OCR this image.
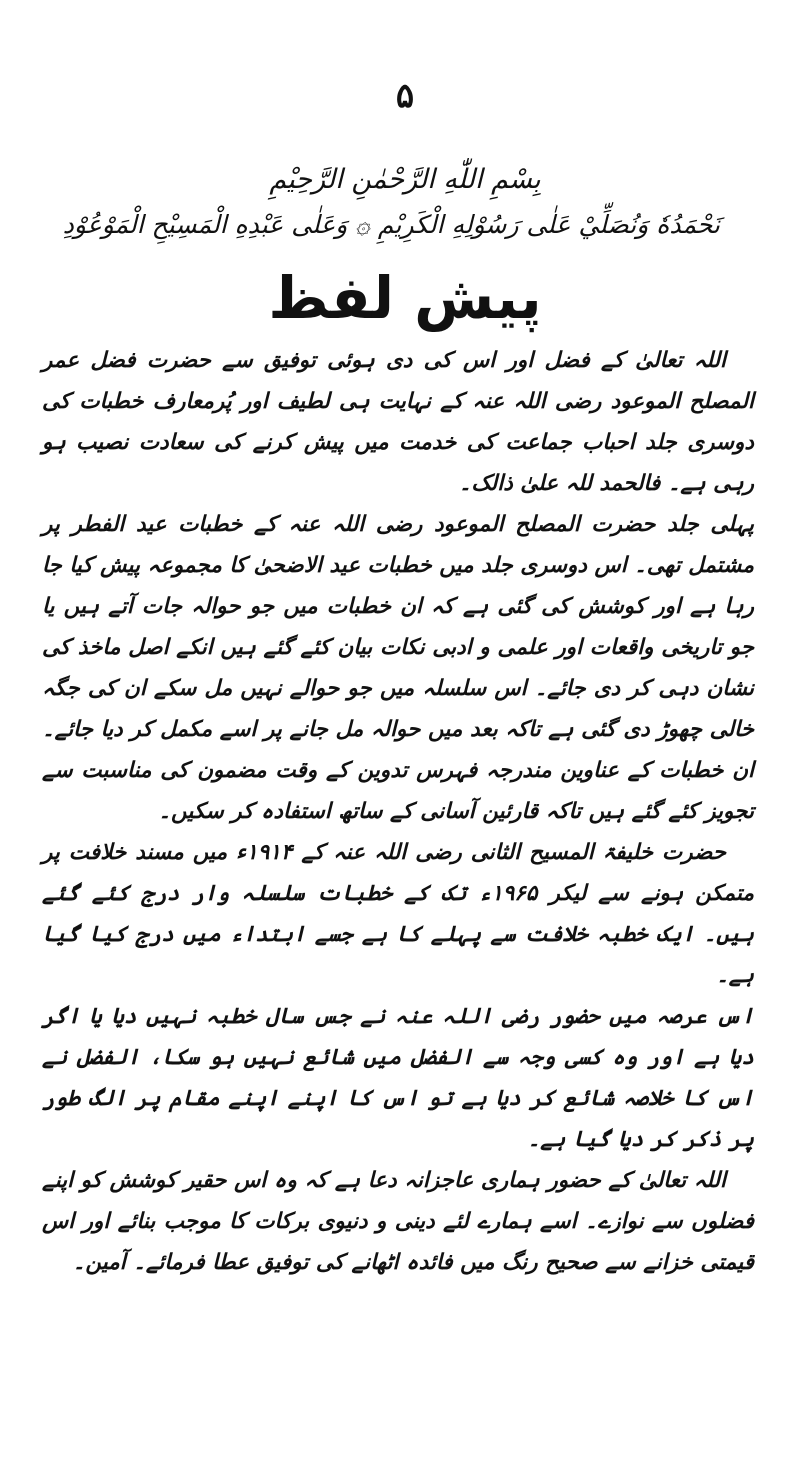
۵
بِسْمِ اللّٰهِ الرَّحْمٰنِ الرَّحِيْمِ
نَحْمَدُهٗ وَنُصَلِّيْ عَلٰى رَسُوْلِهِ الْكَرِيْمِ ۞ وَعَلٰى عَبْدِهِ الْمَسِيْحِ الْمَوْعُوْدِ
پیش لفظ

اللہ تعالیٰ کے فضل اور اس کی دی ہوئی توفیق سے حضرت فضل عمر المصلح الموعود رضی اللہ عنہ کے نہایت ہی لطیف اور پُرمعارف خطبات کی دوسری جلد احباب جماعت کی خدمت میں پیش کرنے کی سعادت نصیب ہو رہی ہے۔ فالحمد للہ علیٰ ذالک۔

پہلی جلد حضرت المصلح الموعود رضی اللہ عنہ کے خطبات عید الفطر پر مشتمل تھی۔ اس دوسری جلد میں خطبات عید الاضحیٰ کا مجموعہ پیش کیا جا رہا ہے اور کوشش کی گئی ہے کہ ان خطبات میں جو حوالہ جات آتے ہیں یا جو تاریخی واقعات اور علمی و ادبی نکات بیان کئے گئے ہیں انکے اصل ماخذ کی نشان دہی کر دی جائے۔ اس سلسلہ میں جو حوالے نہیں مل سکے ان کی جگہ خالی چھوڑ دی گئی ہے تاکہ بعد میں حوالہ مل جانے پر اسے مکمل کر دیا جائے۔ ان خطبات کے عناوین مندرجہ فہرس تدوین کے وقت مضمون کی مناسبت سے تجویز کئے گئے ہیں تاکہ قارئین آسانی کے ساتھ استفادہ کر سکیں۔

حضرت خلیفۃ المسیح الثانی رضی اللہ عنہ کے ۱۹۱۴ء میں مسند خلافت پر متمکن ہونے سے لیکر ۱۹۶۵ء تک کے خطبات سلسلہ وار درج کئے گئے ہیں۔ ایک خطبہ خلافت سے پہلے کا ہے جسے ابتداء میں درج کیا گیا ہے۔

اس عرصہ میں حضور رضی اللہ عنہ نے جس سال خطبہ نہیں دیا یا اگر دیا ہے اور وہ کسی وجہ سے الفضل میں شائع نہیں ہو سکا، الفضل نے اس کا خلاصہ شائع کر دیا ہے تو اس کا اپنے اپنے مقام پر الگ طور پر ذکر کر دیا گیا ہے۔

اللہ تعالیٰ کے حضور ہماری عاجزانہ دعا ہے کہ وہ اس حقیر کوشش کو اپنے فضلوں سے نوازے۔ اسے ہمارے لئے دینی و دنیوی برکات کا موجب بنائے اور اس قیمتی خزانے سے صحیح رنگ میں فائدہ اٹھانے کی توفیق عطا فرمائے۔ آمین۔
